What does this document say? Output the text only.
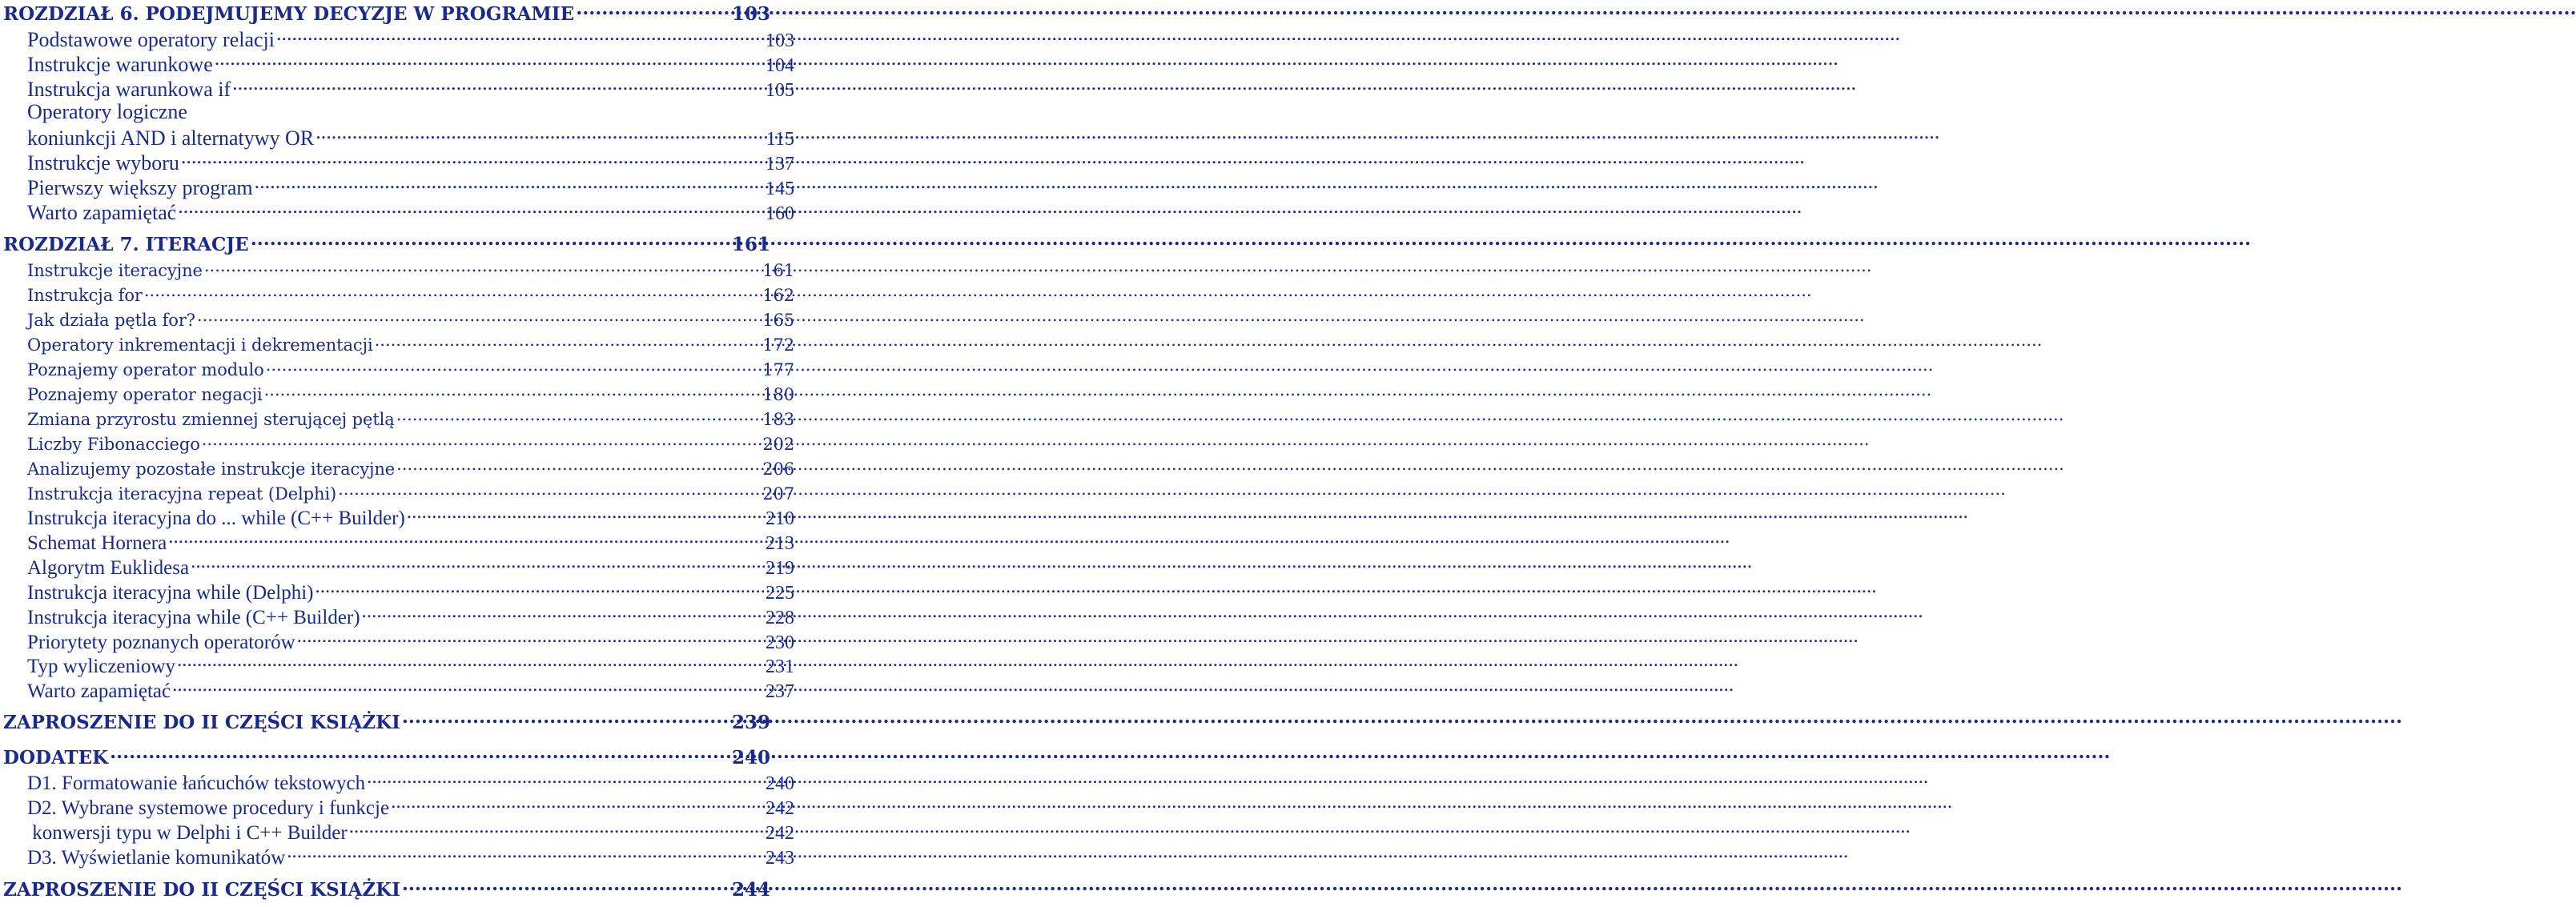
ROZDZIAŁ 6. PODEJMUJEMY DECYZJE W PROGRAMIE .....	103
Podstawowe operatory relacji .....	103
Instrukcje warunkowe .....	104
Instrukcja warunkowa if .....	105
Operatory logiczne
koniunkcji AND i alternatywy OR .....	115
Instrukcje wyboru .....	137
Pierwszy większy program .....	145
Warto zapamiętać .....	160
ROZDZIAŁ 7. ITERACJE .....	161
Instrukcje iteracyjne .....	161
Instrukcja for .....	162
Jak działa pętla for? .....	165
Operatory inkrementacji i dekrementacji .....	172
Poznajemy operator modulo .....	177
Poznajemy operator negacji .....	180
Zmiana przyrostu zmiennej sterującej pętlą .....	183
Liczby Fibonacciego .....	202
Analizujemy pozostałe instrukcje iteracyjne .....	206
Instrukcja iteracyjna repeat (Delphi) .....	207
Instrukcja iteracyjna do ... while (C++ Builder) .....	210
Schemat Hornera .....	213
Algorytm Euklidesa .....	219
Instrukcja iteracyjna while (Delphi) .....	225
Instrukcja iteracyjna while (C++ Builder) .....	228
Priorytety poznanych operatorów .....	230
Typ wyliczeniowy .....	231
Warto zapamiętać .....	237
ZAPROSZENIE DO II CZĘŚCI KSIĄŻKI .....	239
DODATEK .....	240
D1. Formatowanie łańcuchów tekstowych .....	240
D2. Wybrane systemowe procedury i funkcje .....	242
konwersji typu w Delphi i C++ Builder .....	242
D3. Wyświetlanie komunikatów .....	243
ZAPROSZENIE DO II CZĘŚCI KSIĄŻKI .....	244
